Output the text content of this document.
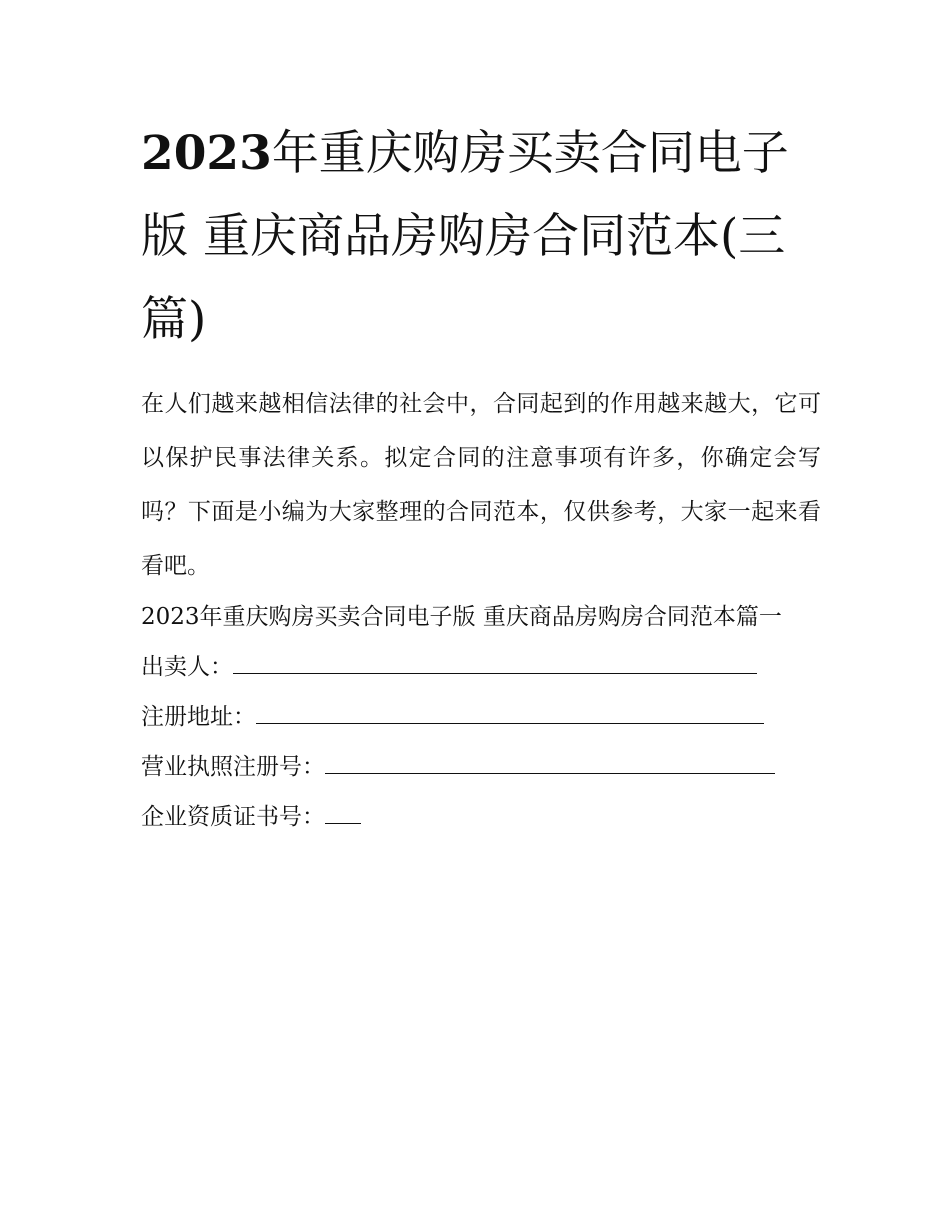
2023年重庆购房买卖合同电子版 重庆商品房购房合同范本(三篇)

在人们越来越相信法律的社会中，合同起到的作用越来越大，它可以保护民事法律关系。拟定合同的注意事项有许多，你确定会写吗？下面是小编为大家整理的合同范本，仅供参考，大家一起来看看吧。

2023年重庆购房买卖合同电子版 重庆商品房购房合同范本篇一

出卖人：

注册地址：

营业执照注册号：

企业资质证书号：
